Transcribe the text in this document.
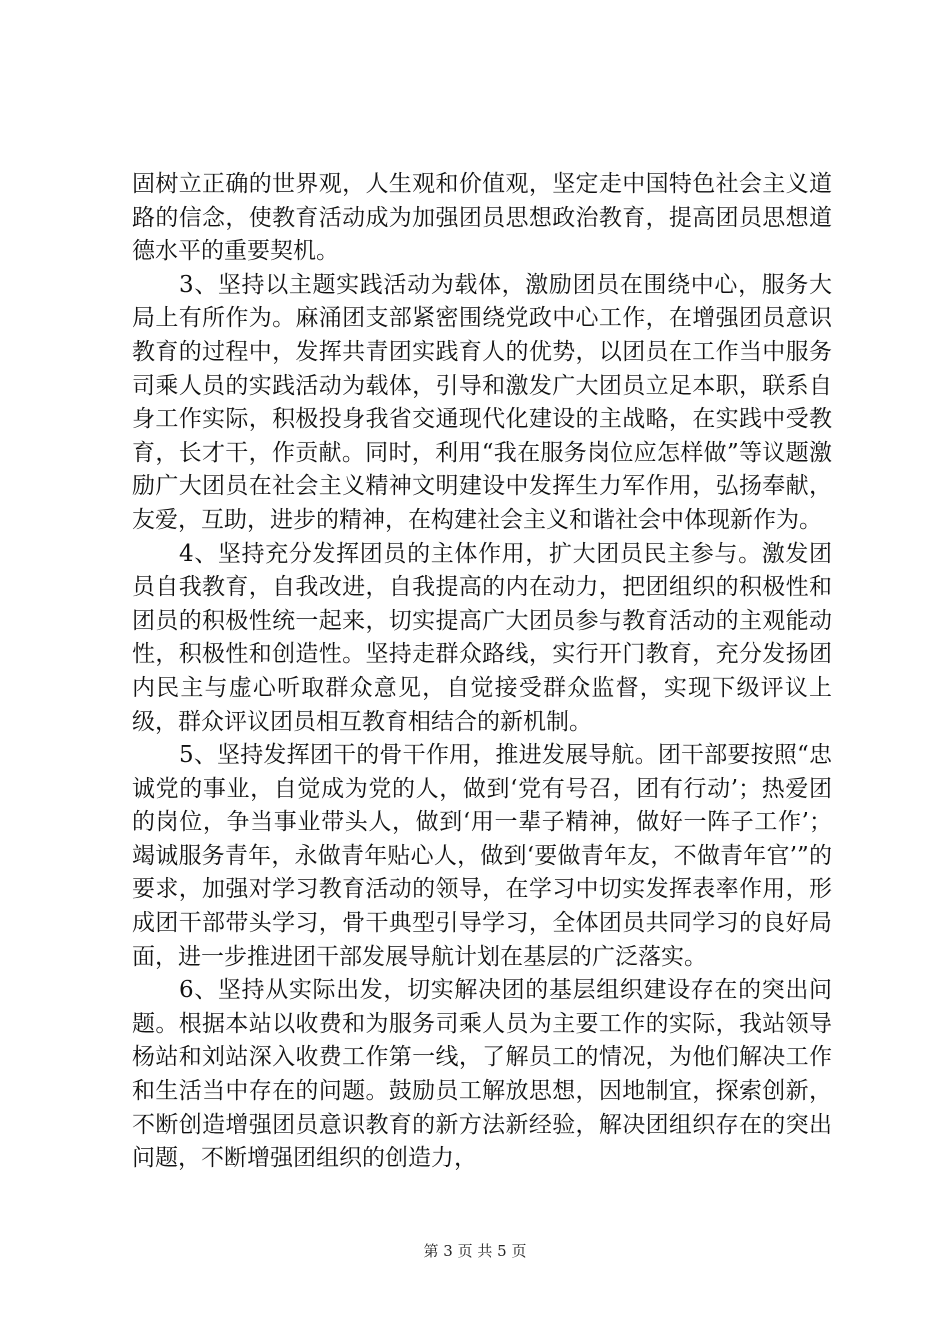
固树立正确的世界观，人生观和价值观，坚定走中国特色社会主义道路的信念，使教育活动成为加强团员思想政治教育，提高团员思想道德水平的重要契机。

3、坚持以主题实践活动为载体，激励团员在围绕中心，服务大局上有所作为。麻涌团支部紧密围绕党政中心工作，在增强团员意识教育的过程中，发挥共青团实践育人的优势，以团员在工作当中服务司乘人员的实践活动为载体，引导和激发广大团员立足本职，联系自身工作实际，积极投身我省交通现代化建设的主战略，在实践中受教育，长才干，作贡献。同时，利用“我在服务岗位应怎样做”等议题激励广大团员在社会主义精神文明建设中发挥生力军作用，弘扬奉献，友爱，互助，进步的精神，在构建社会主义和谐社会中体现新作为。

4、坚持充分发挥团员的主体作用，扩大团员民主参与。激发团员自我教育，自我改进，自我提高的内在动力，把团组织的积极性和团员的积极性统一起来，切实提高广大团员参与教育活动的主观能动性，积极性和创造性。坚持走群众路线，实行开门教育，充分发扬团内民主与虚心听取群众意见，自觉接受群众监督，实现下级评议上级，群众评议团员相互教育相结合的新机制。

5、坚持发挥团干的骨干作用，推进发展导航。团干部要按照“忠诚党的事业，自觉成为党的人，做到‘党有号召，团有行动’；热爱团的岗位，争当事业带头人，做到‘用一辈子精神，做好一阵子工作’；竭诚服务青年，永做青年贴心人，做到‘要做青年友，不做青年官’”的要求，加强对学习教育活动的领导，在学习中切实发挥表率作用，形成团干部带头学习，骨干典型引导学习，全体团员共同学习的良好局面，进一步推进团干部发展导航计划在基层的广泛落实。

6、坚持从实际出发，切实解决团的基层组织建设存在的突出问题。根据本站以收费和为服务司乘人员为主要工作的实际，我站领导杨站和刘站深入收费工作第一线，了解员工的情况，为他们解决工作和生活当中存在的问题。鼓励员工解放思想，因地制宜，探索创新，不断创造增强团员意识教育的新方法新经验，解决团组织存在的突出问题，不断增强团组织的创造力，

第 3 页 共 5 页
